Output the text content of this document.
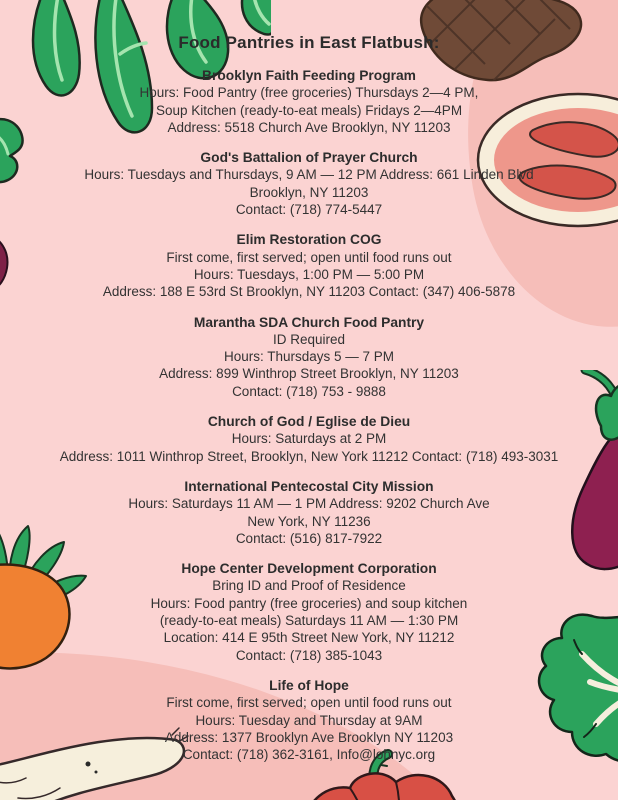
Food Pantries in East Flatbush:
Brooklyn Faith Feeding Program
Hours: Food Pantry (free groceries) Thursdays 2—4 PM,
Soup Kitchen (ready-to-eat meals) Fridays 2—4PM
Address: 5518 Church Ave Brooklyn, NY 11203
God's Battalion of Prayer Church
Hours: Tuesdays and Thursdays, 9 AM — 12 PM Address: 661 Linden Blvd
Brooklyn, NY 11203
Contact: (718) 774-5447
Elim Restoration COG
First come, first served; open until food runs out
Hours: Tuesdays, 1:00 PM — 5:00 PM
Address: 188 E 53rd St Brooklyn, NY 11203 Contact: (347) 406-5878
Marantha SDA Church Food Pantry
ID Required
Hours: Thursdays 5 — 7 PM
Address: 899 Winthrop Street Brooklyn, NY 11203
Contact: (718) 753 - 9888
Church of God / Eglise de Dieu
Hours: Saturdays at 2 PM
Address: 1011 Winthrop Street, Brooklyn, New York 11212 Contact: (718) 493-3031
International Pentecostal City Mission
Hours: Saturdays 11 AM — 1 PM Address: 9202 Church Ave
New York, NY 11236
Contact: (516) 817-7922
Hope Center Development Corporation
Bring ID and Proof of Residence
Hours: Food pantry (free groceries) and soup kitchen
(ready-to-eat meals) Saturdays 11 AM — 1:30 PM
Location: 414 E 95th Street New York, NY 11212
Contact: (718) 385-1043
Life of Hope
First come, first served; open until food runs out
Hours: Tuesday and Thursday at 9AM
Address: 1377 Brooklyn Ave Brooklyn NY 11203
Contact: (718) 362-3161, Info@lohnyc.org
